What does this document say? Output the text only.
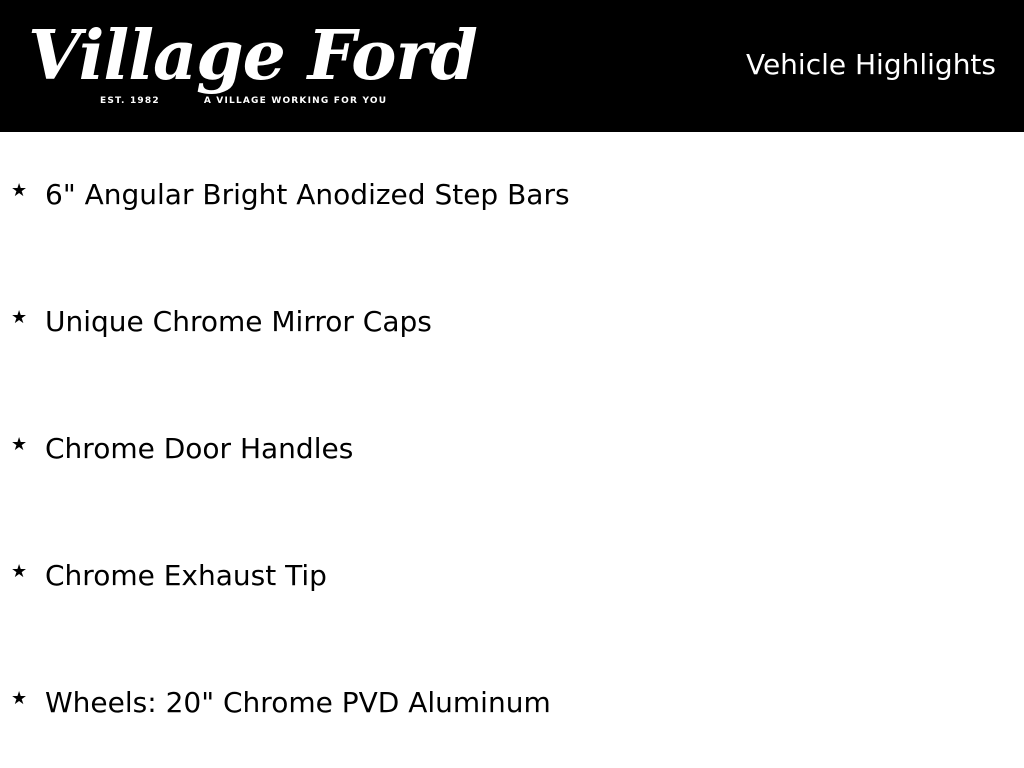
Village Ford
EST. 1982	A VILLAGE WORKING FOR YOU
Vehicle Highlights
★ 6" Angular Bright Anodized Step Bars
★ Unique Chrome Mirror Caps
★ Chrome Door Handles
★ Chrome Exhaust Tip
★ Wheels: 20" Chrome PVD Aluminum
